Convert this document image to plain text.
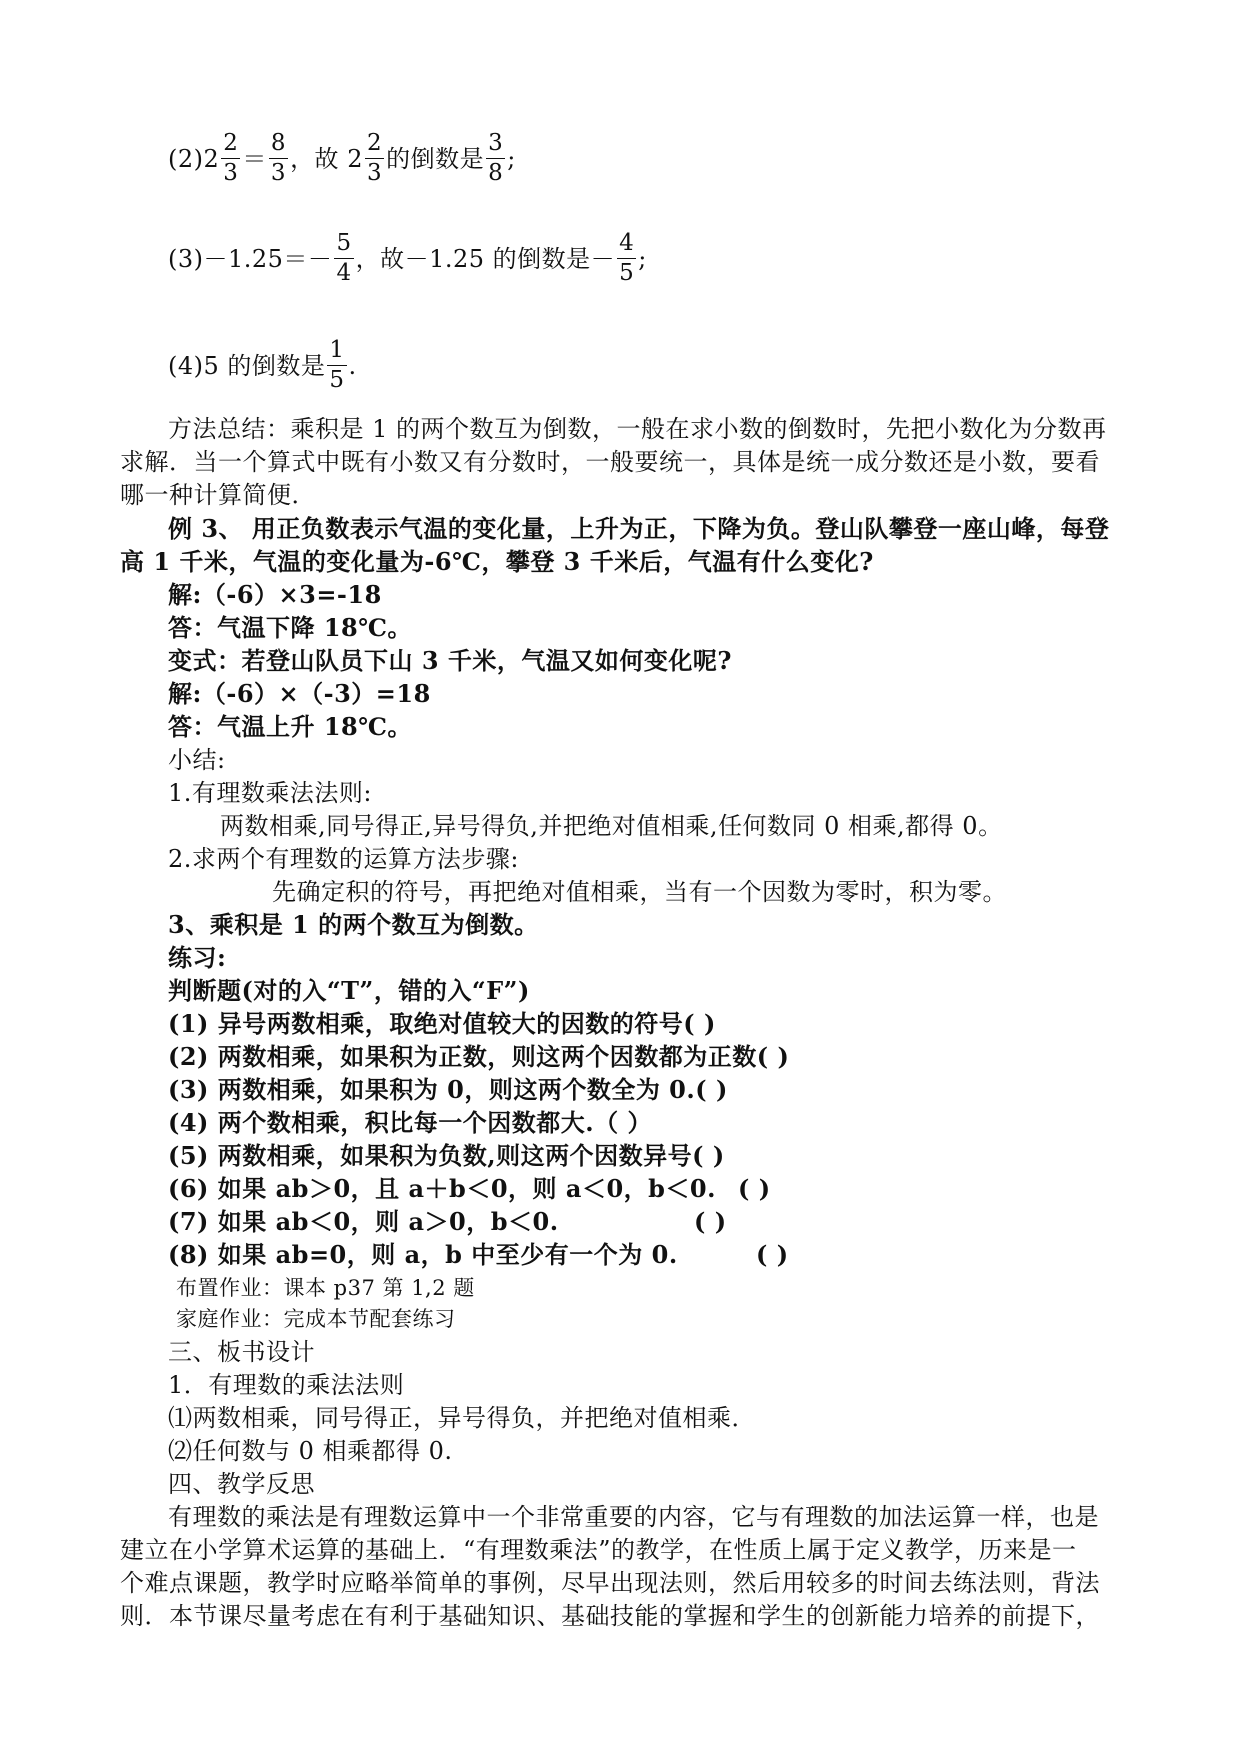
(2) $2 \frac{2}{3} = \frac{8}{3}$ ，故 $2 \frac{2}{3}$ 的倒数是 $\frac{3}{8}$ ;
$(3)-1.25=- \frac{5}{4}$ ，故－1.25 的倒数是－ $\frac{4}{5}$ ;
(4)5 的倒数是 $\frac{1}{5}$ .
方法总结：乘积是 1 的两个数互为倒数，一般在求小数的倒数时，先把小数化为分数再
求解．当一个算式中既有小数又有分数时，一般要统一，具体是统一成分数还是小数，要看
哪一种计算简便．
例 3、 用正负数表示气温的变化量，上升为正，下降为负。登山队攀登一座山峰，每登
高 1 千米，气温的变化量为-6℃，攀登 3 千米后，气温有什么变化?
解:（-6）×3=-18
答：气温下降 18℃。
变式：若登山队员下山 3 千米，气温又如何变化呢?
解:（-6）×（-3）=18
答：气温上升 18℃。
小结:
1.有理数乘法法则:
两数相乘,同号得正,异号得负,并把绝对值相乘,任何数同 0 相乘,都得 0。
2.求两个有理数的运算方法步骤:
先确定积的符号，再把绝对值相乘，当有一个因数为零时，积为零。
3、乘积是 1 的两个数互为倒数。
练习:
判断题(对的入“T”，错的入“F”)
(1) 异号两数相乘，取绝对值较大的因数的符号( )
(2) 两数相乘，如果积为正数，则这两个因数都为正数( )
(3) 两数相乘，如果积为 0，则这两个数全为 0.( )
(4) 两个数相乘，积比每一个因数都大.（ ）
(5) 两数相乘，如果积为负数,则这两个因数异号( )
(6) 如果 ab＞0，且 a＋b＜0，则 a＜0，b＜0. ( )
(7) 如果 ab＜0，则 a＞0，b＜0.	( )
(8) 如果 ab=0，则 a，b 中至少有一个为 0.	( )
布置作业：课本 p37 第 1,2 题
家庭作业：完成本节配套练习
三、板书设计
1．有理数的乘法法则
⑴两数相乘，同号得正，异号得负，并把绝对值相乘．
⑵任何数与 0 相乘都得 0.
四、教学反思
有理数的乘法是有理数运算中一个非常重要的内容，它与有理数的加法运算一样，也是
建立在小学算术运算的基础上．“有理数乘法”的教学，在性质上属于定义教学，历来是一
个难点课题，教学时应略举简单的事例，尽早出现法则，然后用较多的时间去练法则，背法
则．本节课尽量考虑在有利于基础知识、基础技能的掌握和学生的创新能力培养的前提下，
